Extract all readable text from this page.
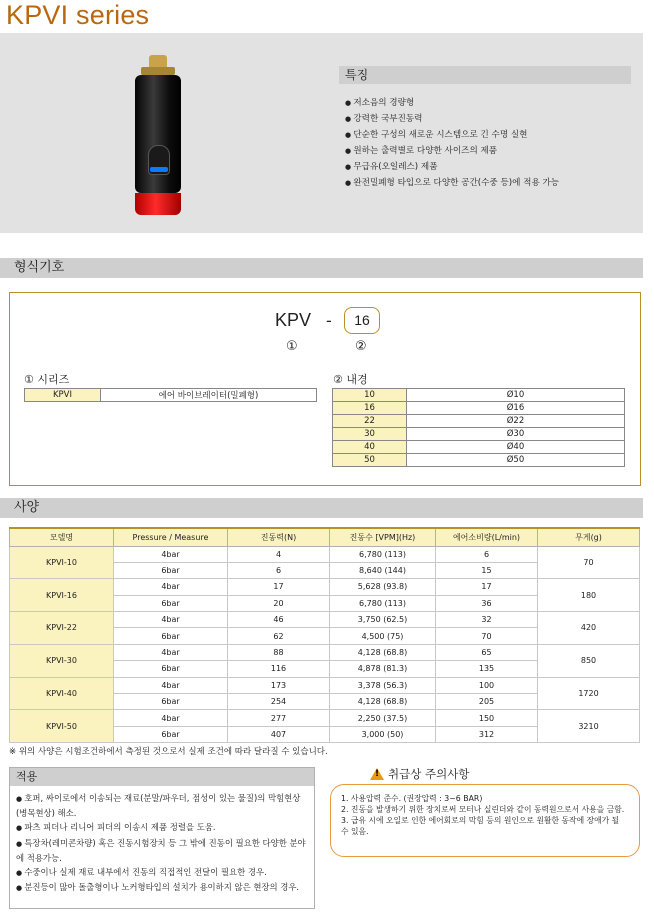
KPVI series
특징
● 저소음의 경량형
● 강력한 국부진동력
● 단순한 구성의 새로운 시스템으로 긴 수명 실현
● 원하는 출력별로 다양한 사이즈의 제품
● 무급유(오일레스) 제품
● 완전밀폐형 타입으로 다양한 공간(수중 등)에 적용 가능
형식기호
KPV -	16
①	②
① 시리즈
KPVI	에어 바이브레이터(밀폐형)
② 내경
10	Ø10
16	Ø16
22	Ø22
30	Ø30
40	Ø40
50	Ø50
사양
모델명	Pressure / Measure	진동력(N)	진동수 [VPM](Hz)	에어소비량(L/min)	무게(g)
KPVI-10	4bar	4	6,780 (113)	6	70
	6bar	6	8,640 (144)	15	
KPVI-16	4bar	17	5,628 (93.8)	17	180
	6bar	20	6,780 (113)	36	
KPVI-22	4bar	46	3,750 (62.5)	32	420
	6bar	62	4,500 (75)	70	
KPVI-30	4bar	88	4,128 (68.8)	65	850
	6bar	116	4,878 (81.3)	135	
KPVI-40	4bar	173	3,378 (56.3)	100	1720
	6bar	254	4,128 (68.8)	205	
KPVI-50	4bar	277	2,250 (37.5)	150	3210
	6bar	407	3,000 (50)	312	
※ 위의 사양은 시험조건하에서 측정된 것으로서 실제 조건에 따라 달라질 수 있습니다.
적용
● 호퍼, 싸이로에서 이송되는 재료(분말/파우더, 점성이 있는 물질)의 막힘현상(병목현상) 해소.
● 파츠 피더나 리니어 피더의 이송시 제품 정렬을 도움.
● 특장차(레미콘차량) 혹은 진동시험장치 등 그 밖에 진동이 필요한 다양한 분야에 적용가능.
● 수중이나 실제 재료 내부에서 진동의 직접적인 전달이 필요한 경우.
● 분진등이 많아 돌출형이나 노커형타입의 설치가 용이하지 않은 현장의 경우.
!
취급상 주의사항
1. 사용압력 준수. (권장압력 : 3~6 BAR)
2. 진동을 발생하기 위한 장치로써 모터나 실린더와 같이 동력원으로서 사용을 금함.
3. 급유 시에 오일로 인한 에어회로의 막힘 등의 원인으로 원활한 동작에 장애가 될 수 있음.
